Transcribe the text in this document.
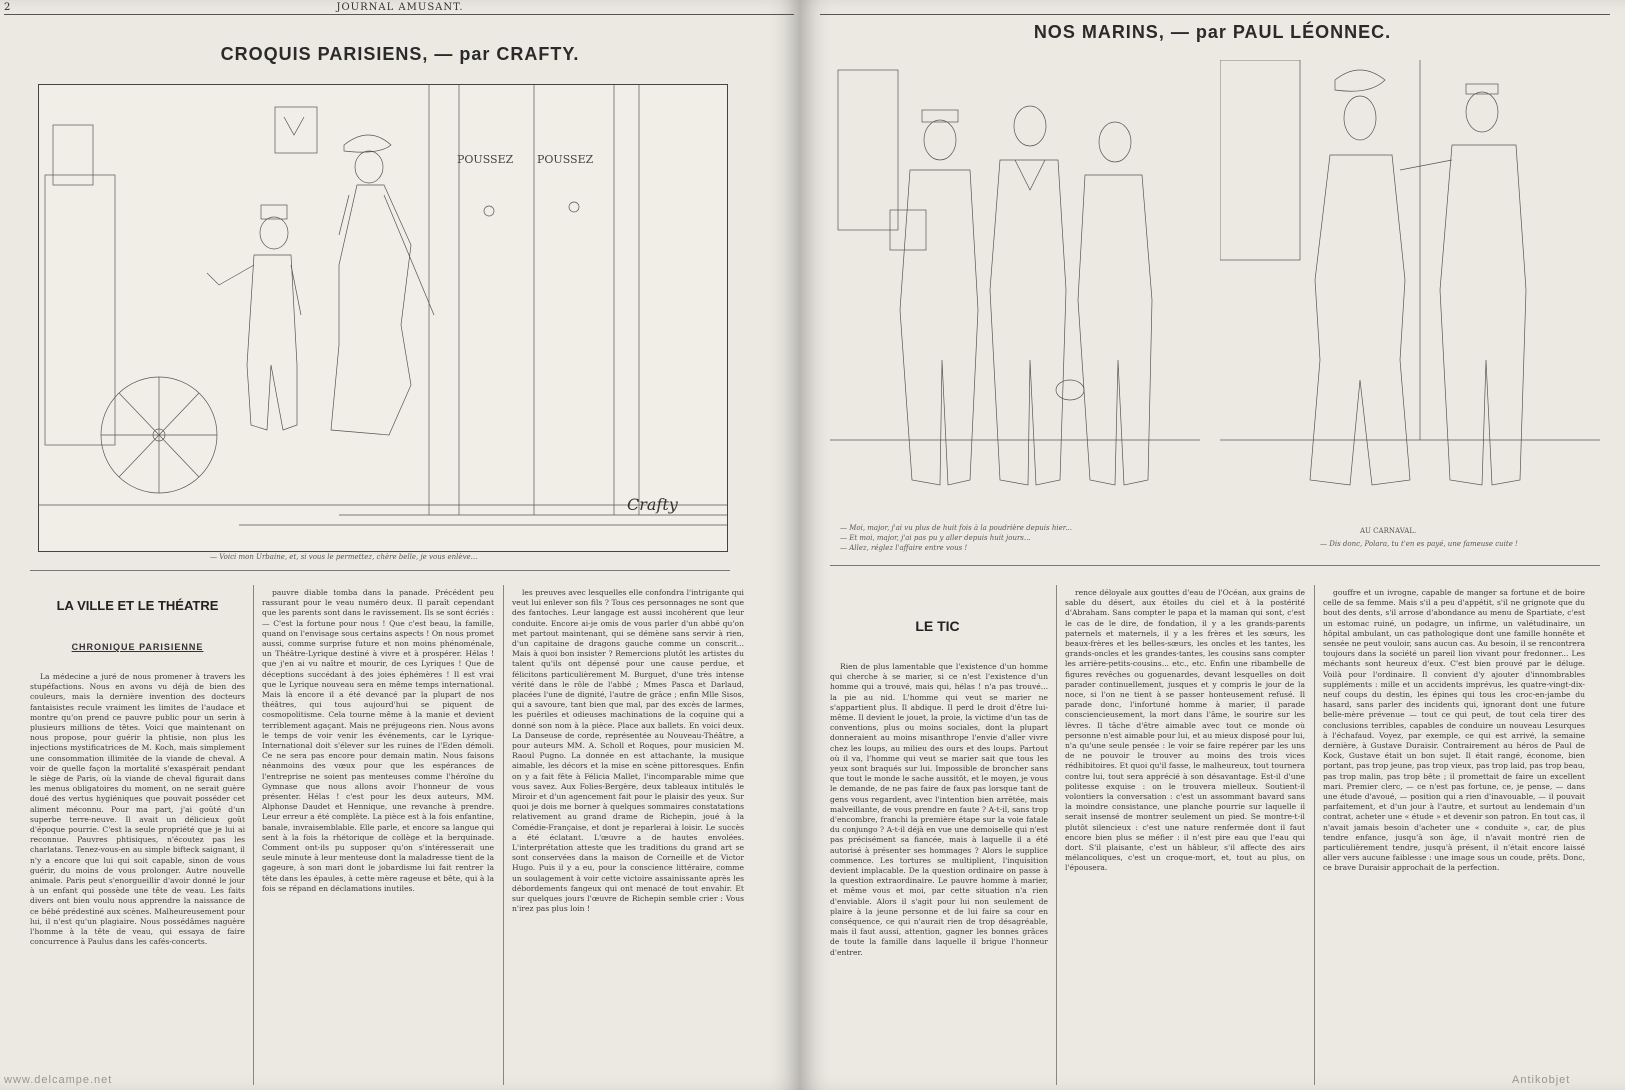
2	JOURNAL AMUSANT.
CROQUIS PARISIENS, — par CRAFTY.
POUSSEZ POUSSEZ
Crafty
— Voici mon Urbaine, et, si vous le permettez, chère belle, je vous enlève...
LA VILLE ET LE THÉATRE
CHRONIQUE PARISIENNE

La médecine a juré de nous promener à travers les stupéfactions. Nous en avons vu déjà de bien des couleurs, mais la dernière invention des docteurs fantaisistes recule vraiment les limites de l'audace et montre qu'on prend ce pauvre public pour un serin à plusieurs millions de têtes. Voici que maintenant on nous propose, pour guérir la phtisie, non plus les injections mystificatrices de M. Koch, mais simplement une consommation illimitée de la viande de cheval. A voir de quelle façon la mortalité s'exaspérait pendant le siège de Paris, où la viande de cheval figurait dans les menus obligatoires du moment, on ne serait guère doué des vertus hygiéniques que pouvait posséder cet aliment méconnu. Pour ma part, j'ai goûté d'un superbe terre-neuve. Il avait un délicieux goût d'époque pourrie. C'est la seule propriété que je lui ai reconnue. Pauvres phtisiques, n'écoutez pas les charlatans. Tenez-vous-en au simple bifteck saignant, il n'y a encore que lui qui soit capable, sinon de vous guérir, du moins de vous prolonger. Autre nouvelle animale. Paris peut s'enorgueillir d'avoir donné le jour à un enfant qui possède une tête de veau. Les faits divers ont bien voulu nous apprendre la naissance de ce bébé prédestiné aux scènes. Malheureusement pour lui, il n'est qu'un plagiaire. Nous possédâmes naguère l'homme à la tête de veau, qui essaya de faire concurrence à Paulus dans les cafés-concerts.

pauvre diable tomba dans la panade. Précédent peu rassurant pour le veau numéro deux. Il paraît cependant que les parents sont dans le ravissement. Ils se sont écriés : — C'est la fortune pour nous ! Que c'est beau, la famille, quand on l'envisage sous certains aspects ! On nous promet aussi, comme surprise future et non moins phénoménale, un Théâtre-Lyrique destiné à vivre et à prospérer. Hélas ! que j'en ai vu naître et mourir, de ces Lyriques ! Que de déceptions succédant à des joies éphémères ! Il est vrai que le Lyrique nouveau sera en même temps international. Mais là encore il a été devancé par la plupart de nos théâtres, qui tous aujourd'hui se piquent de cosmopolitisme. Cela tourne même à la manie et devient terriblement agaçant. Mais ne préjugeons rien. Nous avons le temps de voir venir les événements, car le Lyrique-International doit s'élever sur les ruines de l'Eden démoli. Ce ne sera pas encore pour demain matin. Nous faisons néanmoins des vœux pour que les espérances de l'entreprise ne soient pas menteuses comme l'héroïne du Gymnase que nous allons avoir l'honneur de vous présenter. Hélas ! c'est pour les deux auteurs, MM. Alphonse Daudet et Hennique, une revanche à prendre. Leur erreur a été complète. La pièce est à la fois enfantine, banale, invraisemblable. Elle parle, et encore sa langue qui sent à la fois la rhétorique de collège et la berquinade. Comment ont-ils pu supposer qu'on s'intéresserait une seule minute à leur menteuse dont la maladresse tient de la gageure, à son mari dont le jobardisme lui fait rentrer la tête dans les épaules, à cette mère rageuse et bête, qui à la fois se répand en déclamations inutiles.

les preuves avec lesquelles elle confondra l'intrigante qui veut lui enlever son fils ? Tous ces personnages ne sont que des fantoches. Leur langage est aussi incohérent que leur conduite. Encore ai-je omis de vous parler d'un abbé qu'on met partout maintenant, qui se démène sans servir à rien, d'un capitaine de dragons gauche comme un conscrit... Mais à quoi bon insister ? Remercions plutôt les artistes du talent qu'ils ont dépensé pour une cause perdue, et félicitons particulièrement M. Burguet, d'une très intense vérité dans le rôle de l'abbé ; Mmes Pasca et Darlaud, placées l'une de dignité, l'autre de grâce ; enfin Mlle Sisos, qui a savoure, tant bien que mal, par des excès de larmes, les puériles et odieuses machinations de la coquine qui a donné son nom à la pièce. Place aux ballets. En voici deux. La Danseuse de corde, représentée au Nouveau-Théâtre, a pour auteurs MM. A. Scholl et Roques, pour musicien M. Raoul Pugno. La donnée en est attachante, la musique aimable, les décors et la mise en scène pittoresques. Enfin on y a fait fête à Félicia Mallet, l'incomparable mime que vous savez. Aux Folies-Bergère, deux tableaux intitulés le Miroir et d'un agencement fait pour le plaisir des yeux. Sur quoi je dois me borner à quelques sommaires constatations relativement au grand drame de Richepin, joué à la Comédie-Française, et dont je reparlerai à loisir. Le succès a été éclatant. L'œuvre a de hautes envolées. L'interprétation atteste que les traditions du grand art se sont conservées dans la maison de Corneille et de Victor Hugo. Puis il y a eu, pour la conscience littéraire, comme un soulagement à voir cette victoire assainissante après les débordements fangeux qui ont menacé de tout envahir. Et sur quelques jours l'œuvre de Richepin semble crier : Vous n'irez pas plus loin !

www.delcampe.net
NOS MARINS, — par PAUL LÉONNEC.
— Moi, major, j'ai vu plus de huit fois à la poudrière depuis hier...
— Et moi, major, j'ai pas pu y aller depuis huit jours...
— Allez, réglez l'affaire entre vous !
AU CARNAVAL.
— Dis donc, Polara, tu t'en es payé, une fameuse cuite !
LE TIC

Rien de plus lamentable que l'existence d'un homme qui cherche à se marier, si ce n'est l'existence d'un homme qui a trouvé, mais qui, hélas ! n'a pas trouvé... la pie au nid. L'homme qui veut se marier ne s'appartient plus. Il abdique. Il perd le droit d'être lui-même. Il devient le jouet, la proie, la victime d'un tas de conventions, plus ou moins sociales, dont la plupart donneraient au moins misanthrope l'envie d'aller vivre chez les loups, au milieu des ours et des loups. Partout où il va, l'homme qui veut se marier sait que tous les yeux sont braqués sur lui. Impossible de broncher sans que tout le monde le sache aussitôt, et le moyen, je vous le demande, de ne pas faire de faux pas lorsque tant de gens vous regardent, avec l'intention bien arrêtée, mais malveillante, de vous prendre en faute ? A-t-il, sans trop d'encombre, franchi la première étape sur la voie fatale du conjungo ? A-t-il déjà en vue une demoiselle qui n'est pas précisément sa fiancée, mais à laquelle il a été autorisé à présenter ses hommages ? Alors le supplice commence. Les tortures se multiplient, l'inquisition devient implacable. De la question ordinaire on passe à la question extraordinaire. Le pauvre homme à marier, et même vous et moi, par cette situation n'a rien d'enviable. Alors il s'agit pour lui non seulement de plaire à la jeune personne et de lui faire sa cour en conséquence, ce qui n'aurait rien de trop désagréable, mais il faut aussi, attention, gagner les bonnes grâces de toute la famille dans laquelle il brigue l'honneur d'entrer.

rence déloyale aux gouttes d'eau de l'Océan, aux grains de sable du désert, aux étoiles du ciel et à la postérité d'Abraham. Sans compter le papa et la maman qui sont, c'est le cas de le dire, de fondation, il y a les grands-parents paternels et maternels, il y a les frères et les sœurs, les beaux-frères et les belles-sœurs, les oncles et les tantes, les grands-oncles et les grandes-tantes, les cousins sans compter les arrière-petits-cousins... etc., etc. Enfin une ribambelle de figures revêches ou goguenardes, devant lesquelles on doit parader continuellement, jusques et y compris le jour de la noce, si l'on ne tient à se passer honteusement refusé. Il parade donc, l'infortuné homme à marier, il parade consciencieusement, la mort dans l'âme, le sourire sur les lèvres. Il tâche d'être aimable avec tout ce monde où personne n'est aimable pour lui, et au mieux disposé pour lui, n'a qu'une seule pensée : le voir se faire repérer par les uns de ne pouvoir le trouver au moins des trois vices rédhibitoires. Et quoi qu'il fasse, le malheureux, tout tournera contre lui, tout sera apprécié à son désavantage. Est-il d'une politesse exquise : on le trouvera mielleux. Soutient-il volontiers la conversation : c'est un assommant bavard sans la moindre consistance, une planche pourrie sur laquelle il serait insensé de montrer seulement un pied. Se montre-t-il plutôt silencieux : c'est une nature renfermée dont il faut encore bien plus se méfier : il n'est pire eau que l'eau qui dort. S'il plaisante, c'est un hâbleur, s'il affecte des airs mélancoliques, c'est un croque-mort, et, tout au plus, on l'épousera.

gouffre et un ivrogne, capable de manger sa fortune et de boire celle de sa femme. Mais s'il a peu d'appétit, s'il ne grignote que du bout des dents, s'il arrose d'abondance au menu de Spartiate, c'est un estomac ruiné, un podagre, un infirme, un valétudinaire, un hôpital ambulant, un cas pathologique dont une famille honnête et sensée ne peut vouloir, sans aucun cas. Au besoin, il se rencontrera toujours dans la société un pareil lion vivant pour fredonner... Les méchants sont heureux d'eux. C'est bien prouvé par le déluge. Voilà pour l'ordinaire. Il convient d'y ajouter d'innombrables suppléments : mille et un accidents imprévus, les quatre-vingt-dix-neuf coups du destin, les épines qui tous les croc-en-jambe du hasard, sans parler des incidents qui, ignorant dont une future belle-mère prévenue — tout ce qui peut, de tout cela tirer des conclusions terribles, capables de conduire un nouveau Lesurques à l'échafaud. Voyez, par exemple, ce qui est arrivé, la semaine dernière, à Gustave Duraisir. Contrairement au héros de Paul de Kock, Gustave était un bon sujet. Il était rangé, économe, bien portant, pas trop jeune, pas trop vieux, pas trop laid, pas trop beau, pas trop malin, pas trop bête ; il promettait de faire un excellent mari. Premier clerc, — ce n'est pas fortune, ce, je pense, — dans une étude d'avoué, — position qui a rien d'inavouable, — il pouvait parfaitement, et d'un jour à l'autre, et surtout au lendemain d'un contrat, acheter une « étude » et devenir son patron. En tout cas, il n'avait jamais besoin d'acheter une « conduite », car, de plus tendre enfance, jusqu'à son âge, il n'avait montré rien de particulièrement tendre, jusqu'à présent, il n'était encore laissé aller vers aucune faiblesse : une image sous un coude, prêts. Donc, ce brave Duraisir approchait de la perfection.

Antikobjet
